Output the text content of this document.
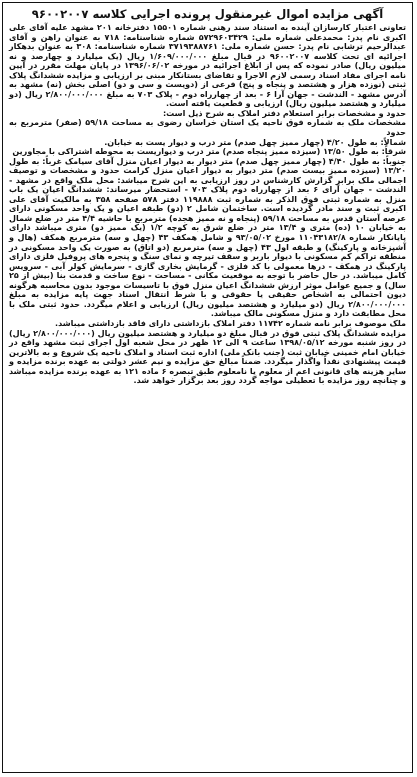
آگهی مزایده اموال غیرمنقول پرونده اجرایی کلاسه ۹۶۰۰۲۰۰۷

تعاونی اعتبار کارسازان آینده به استناد سند رهنی شماره ۱۵۵۰۱ دفترخانه ۲۰۱ مشهد علیه آقای علی اکبری نام پدر: محمدعلی شماره ملی: ۵۷۲۹۶۰۳۴۲۹ شماره شناسنامه: ۷۱۸ به عنوان راهن و آقای عبدالرحیم ترشابی نام پدر: حسن شماره ملی: ۳۷۱۹۳۸۸۷۶۱ شماره شناسنامه: ۳۰۸ به عنوان بدهکار اجرائیه ای تحت کلاسه ۹۶۰۰۲۰۰۷ در قبال مبلغ ۱/۶۰۹/۰۰۰/۰۰۰ ریال (یک میلیارد و چهارصد و نه میلیون ریال) صادر نموده که پس از ابلاغ اجرائیه در مورخه ۱۳۹۶/۰۶/۰۲ در پایان مهلت مقرر در آیین نامه اجرای مفاد اسناد رسمی لازم الاجرا و تقاضای بستانکار مبنی بر ارزیابی و مزایده ششدانگ پلاک ثبتی (نوزده هزار و هشتصد و پنجاه و پنج) فرعی از (دویست و سی و دو) اصلی بخش (نه) مشهد به آدرس مشهد - الندشت - جهان آرا ۶ - بعد از چهارراه دوم - پلاک ۷۰۳ به مبلغ ۲/۸۰۰/۰۰۰/۰۰۰ ریال (دو میلیارد و هشتصد میلیون ریال) ارزیابی و قطعیت یافته است.

حدود و مشخصات برابر استعلام دفتر املاک به شرح ذیل است:

مشخصات ملک به شماره فوق ناحیه یک استان خراسان رضوی به مساحت ۵۹/۱۸ (صفر) مترمربع به حدود

شمالاً: به طول ۴/۲۰ (چهار ممیز چهل صدم) متر درب و دیوار یست به خیابان.

شرقاً: به طول ۱۳/۵۰ (سیزده ممیز پنجاه صدم) متر درب و دیواریست به محوطه اشتراکی با مجاورین

جنوباً: به طول ۴/۴۰ (چهار ممیز چهل صدم) متر دیوار به دیوار اعیان منزل آقای سیامک غرباً: به طول ۱۳/۲۰ (سیزده ممیز بیست صدم) متر دیوار به دیوار اعیان منزل کرامت حدود و مشخصات و توصیف اجمالی ملک برابر گزارش کارشناس در روز ارزیابی به این شرح میباشد: محل ملک واقع در مشهد - الندشت - جهان آرای ۶ بعد از چهارراه دوم پلاک ۷۰۳ - استحضار میرساند: ششدانگ اعیان یک باب منزل به شماره ثبتی فوق الذکر به شماره ثبت ۱۱۹۸۸۸ دفتر ۵۷۸ صفحه ۳۵۸ به مالکیت آقای علی اکبری ثبت و سند مادر گردیده است. ساختمان شامل ۲ (دو) طبقه اعیان و یک واحد مسکونی دارای عرصه آستان قدس به مساحت ۵۹/۱۸ (پنجاه و نه ممیز هجده) مترمربع با حاشیه ۴/۴ متر در ضلع شمال به خیابان ۱۰ (ده) متری و ۱۳/۴ متر در ضلع شرق به کوچه ۱/۲ (یک ممیز دو) متری میباشد دارای پایانکار شماره ۱۱۰۴۳۱۸۲/۸ مورخ ۹۳/۰۵/۰۲ و شامل همکف ۴۳ (چهل و سه) مترمربع همکف (هال و آشپزخانه و پارکینگ) و طبقه اول ۴۳ (چهل و سه) مترمربع (دو اتاق) به صورت یک واحد مسکونی در منطقه تراکم کم مسکونی با دیوار باربر و سقف تیرچه و نمای سنگ و پنجره های پروفیل فلزی دارای پارکینگ در همکف - درها معمولی با کد فلزی - گرمایش بخاری گازی - سرمایش کولر آبی - سرویس کامل میباشد. در حال حاضر با توجه به موقعیت مکانی - مساحت - نوع ساخت و قدمت بنا (بیش از ۲۵ سال) و جمیع عوامل موثر ارزش ششدانگ اعیان منزل فوق با تاسیسات موجود بدون محاسبه هرگونه دیون احتمالی به اشخاص حقیقی یا حقوقی و با شرط انتقال اسناد جهت پایه مزایده به مبلغ ۲/۸۰۰/۰۰۰/۰۰۰ ریال (دو میلیارد و هشتصد میلیون ریال) ارزیابی و اعلام میگردد. حدود ثبتی ملک با محل مطابقت دارد و منزل مسکونی مالک میباشد.

ملک موصوف برابر نامه شماره ۱۱۷۴۲ دفتر املاک بازداشتی دارای فاقد بازداشتی میباشد.

مزایده ششدانگ پلاک ثبتی فوق در قبال مبلغ دو میلیارد و هشتصد میلیون ریال (۲/۸۰۰/۰۰۰/۰۰۰ ریال) در روز شنبه مورخه ۱۳۹۸/۰۵/۱۲ ساعت ۹ الی ۱۲ ظهر در محل شعبه اول اجرای ثبت مشهد واقع در خیابان امام خمینی خیابان ثبت (جنب بانک ملی) اداره ثبت اسناد و املاک ناحیه یک شروع و به بالاترین قیمت پیشنهادی نقداً واگذار میگردد. ضمناً مبالغ حق مزایده و نیم عشر دولتی به عهده برنده مزایده و سایر هزینه های قانونی اعم از معلوم یا نامعلوم طبق تبصره ۶ ماده ۱۲۱ به عهده برنده مزایده میباشد و چنانچه روز مزایده با تعطیلی مواجه گردد روز بعد برگزار خواهد شد.
